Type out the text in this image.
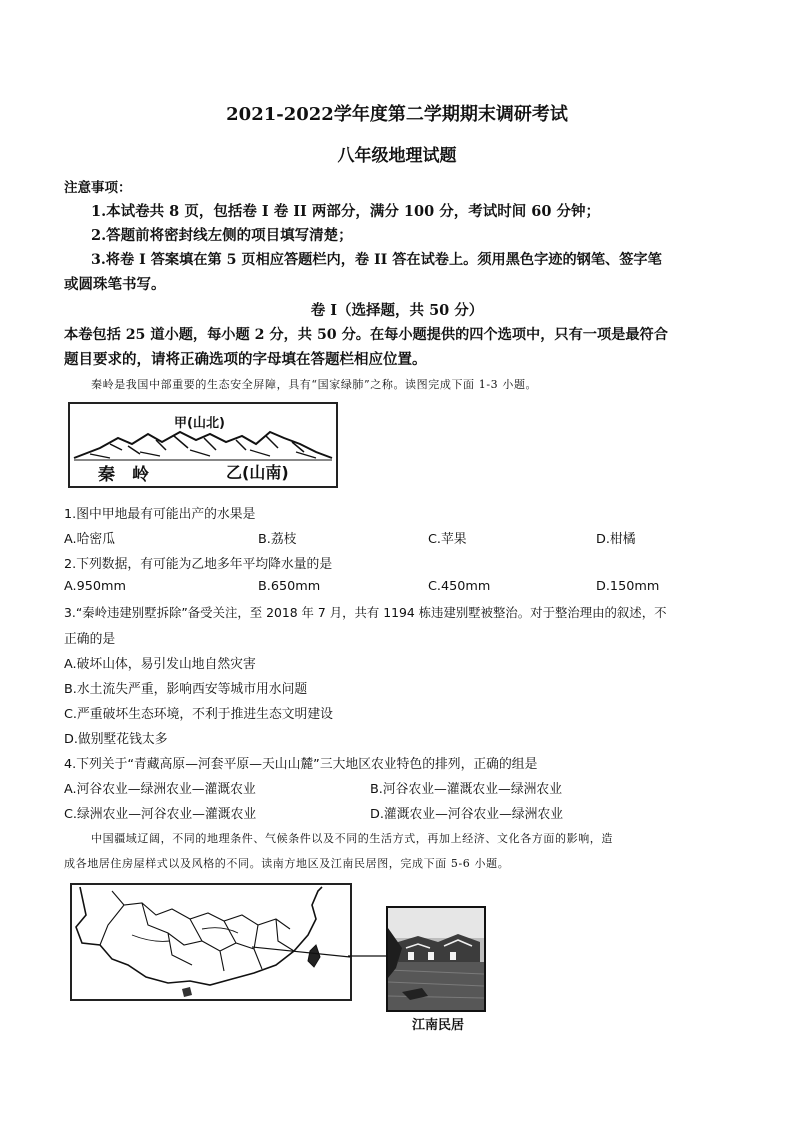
2021-2022学年度第二学期期末调研考试
八年级地理试题
注意事项：
1.本试卷共 8 页，包括卷 I 卷 II 两部分，满分 100 分，考试时间 60 分钟；
2.答题前将密封线左侧的项目填写清楚；
3.将卷 I 答案填在第 5 页相应答题栏内，卷 II 答在试卷上。须用黑色字迹的钢笔、签字笔
或圆珠笔书写。
卷 I（选择题，共 50 分）
本卷包括 25 道小题，每小题 2 分，共 50 分。在每小题提供的四个选项中，只有一项是最符合
题目要求的，请将正确选项的字母填在答题栏相应位置。
秦岭是我国中部重要的生态安全屏障，具有“国家绿肺”之称。读图完成下面 1-3 小题。
甲(山北)
秦　岭	乙(山南)
1.图中甲地最有可能出产的水果是
A.哈密瓜	B.荔枝	C.苹果	D.柑橘
2.下列数据，有可能为乙地多年平均降水量的是
A.950mm	B.650mm	C.450mm	D.150mm
3.“秦岭违建别墅拆除”备受关注，至 2018 年 7 月，共有 1194 栋违建别墅被整治。对于整治理由的叙述，不
正确的是
A.破坏山体，易引发山地自然灾害
B.水土流失严重，影响西安等城市用水问题
C.严重破坏生态环境，不利于推进生态文明建设
D.做别墅花钱太多
4.下列关于“青藏高原—河套平原—天山山麓”三大地区农业特色的排列，正确的组是
A.河谷农业—绿洲农业—灌溉农业	B.河谷农业—灌溉农业—绿洲农业
C.绿洲农业—河谷农业—灌溉农业	D.灌溉农业—河谷农业—绿洲农业
中国疆域辽阔，不同的地理条件、气候条件以及不同的生活方式，再加上经济、文化各方面的影响，造
成各地居住房屋样式以及风格的不同。读南方地区及江南民居图，完成下面 5-6 小题。
江南民居
